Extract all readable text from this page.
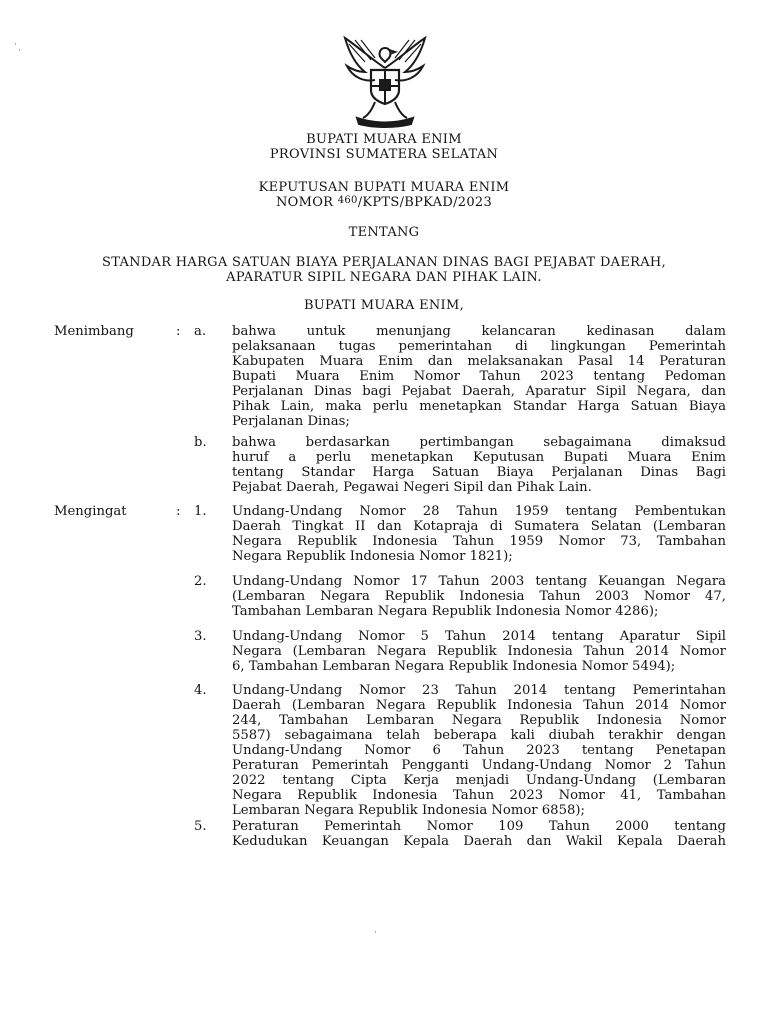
⋅
⋅
BUPATI MUARA ENIM
PROVINSI SUMATERA SELATAN
KEPUTUSAN BUPATI MUARA ENIM
NOMOR $^{460}$/KPTS/BPKAD/2023
TENTANG
STANDAR HARGA SATUAN BIAYA PERJALANAN DINAS BAGI PEJABAT DAERAH,
APARATUR SIPIL NEGARA DAN PIHAK LAIN.
BUPATI MUARA ENIM,
Menimbang	: a. bahwa untuk menunjang kelancaran kedinasan dalam
pelaksanaan tugas pemerintahan di lingkungan Pemerintah
Kabupaten Muara Enim dan melaksanakan Pasal 14 Peraturan
Bupati Muara Enim Nomor Tahun 2023 tentang Pedoman
Perjalanan Dinas bagi Pejabat Daerah, Aparatur Sipil Negara, dan
Pihak Lain, maka perlu menetapkan Standar Harga Satuan Biaya
Perjalanan Dinas;
b. bahwa berdasarkan pertimbangan sebagaimana dimaksud
huruf a perlu menetapkan Keputusan Bupati Muara Enim
tentang Standar Harga Satuan Biaya Perjalanan Dinas Bagi
Pejabat Daerah, Pegawai Negeri Sipil dan Pihak Lain.
Mengingat	: 1. Undang-Undang Nomor 28 Tahun 1959 tentang Pembentukan
Daerah Tingkat II dan Kotapraja di Sumatera Selatan (Lembaran
Negara Republik Indonesia Tahun 1959 Nomor 73, Tambahan
Negara Republik Indonesia Nomor 1821);
2. Undang-Undang Nomor 17 Tahun 2003 tentang Keuangan Negara
(Lembaran Negara Republik Indonesia Tahun 2003 Nomor 47,
Tambahan Lembaran Negara Republik Indonesia Nomor 4286);
3. Undang-Undang Nomor 5 Tahun 2014 tentang Aparatur Sipil
Negara (Lembaran Negara Republik Indonesia Tahun 2014 Nomor
6, Tambahan Lembaran Negara Republik Indonesia Nomor 5494);
4. Undang-Undang Nomor 23 Tahun 2014 tentang Pemerintahan
Daerah (Lembaran Negara Republik Indonesia Tahun 2014 Nomor
244, Tambahan Lembaran Negara Republik Indonesia Nomor
5587) sebagaimana telah beberapa kali diubah terakhir dengan
Undang-Undang Nomor 6 Tahun 2023 tentang Penetapan
Peraturan Pemerintah Pengganti Undang-Undang Nomor 2 Tahun
2022 tentang Cipta Kerja menjadi Undang-Undang (Lembaran
Negara Republik Indonesia Tahun 2023 Nomor 41, Tambahan
Lembaran Negara Republik Indonesia Nomor 6858);
5. Peraturan Pemerintah Nomor 109 Tahun 2000 tentang
Kedudukan Keuangan Kepala Daerah dan Wakil Kepala Daerah
⋅
